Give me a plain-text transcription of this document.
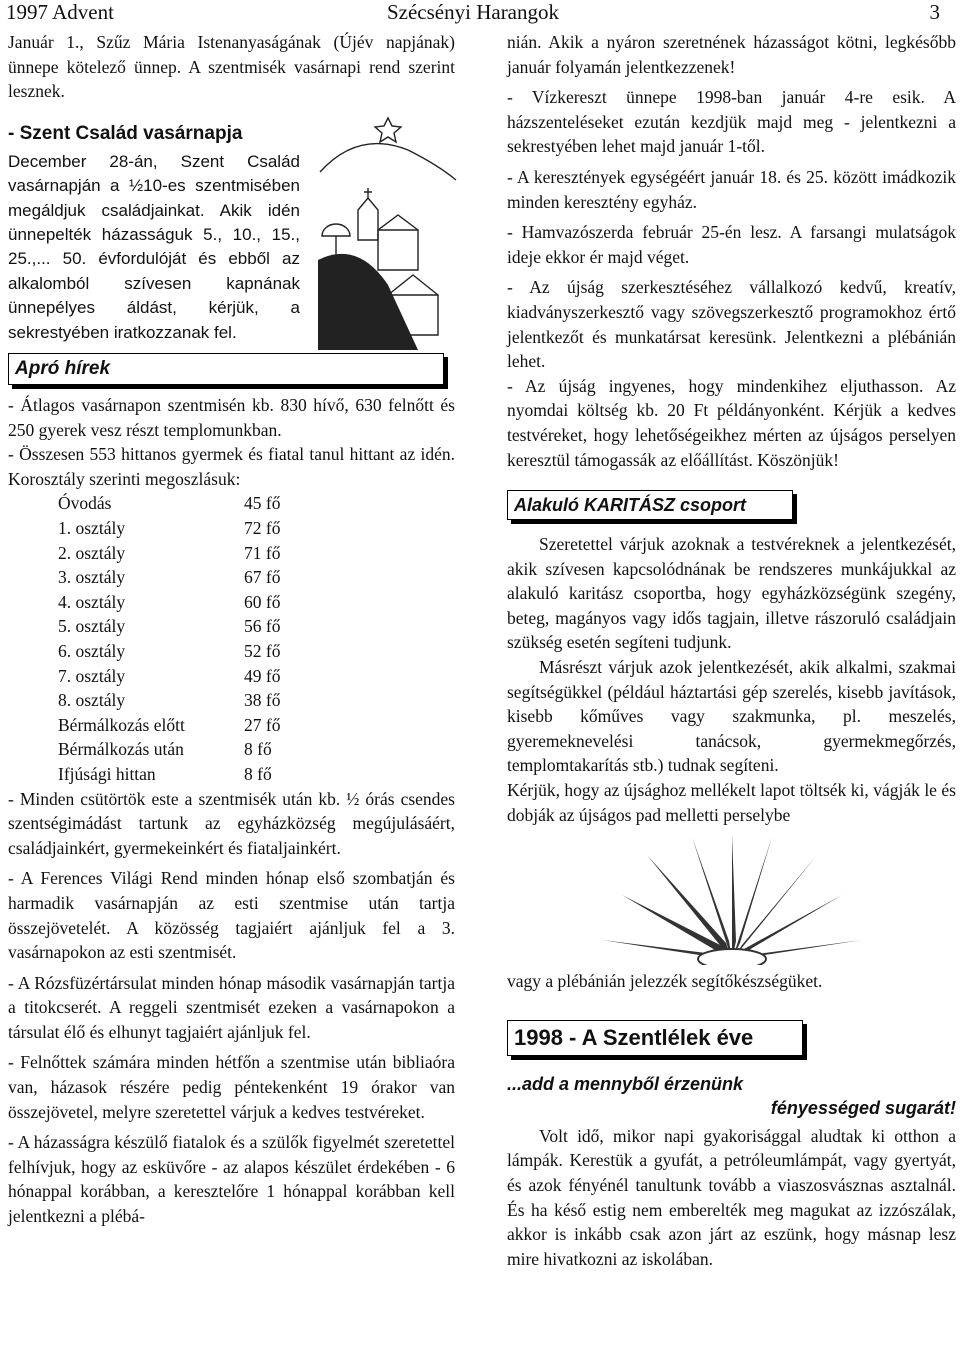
1997 Advent	Szécsényi Harangok	3

Január 1., Szűz Mária Istenanyaságának (Újév napjának) ünnepe kötelező ünnep. A szentmisék vasárnapi rend szerint lesznek.

- Szent Család vasárnapja

December 28-án, Szent Család vasárnapján a ½10-es szentmisében megáldjuk családjainkat. Akik idén ünnepelték házasságuk 5., 10., 15., 25.,... 50. évfordulóját és ebből az alkalomból szívesen kapnának ünnepélyes áldást, kérjük, a sekrestyében iratkozzanak fel.

Apró hírek

- Átlagos vasárnapon szentmisén kb. 830 hívő, 630 felnőtt és 250 gyerek vesz részt templomunkban.

- Összesen 553 hittanos gyermek és fiatal tanul hittant az idén. Korosztály szerinti megoszlásuk:

Óvodás	45 fő
1. osztály	72 fő
2. osztály	71 fő
3. osztály	67 fő
4. osztály	60 fő
5. osztály	56 fő
6. osztály	52 fő
7. osztály	49 fő
8. osztály	38 fő
Bérmálkozás előtt	27 fő
Bérmálkozás után	8 fő
Ifjúsági hittan	8 fő

- Minden csütörtök este a szentmisék után kb. ½ órás csendes szentségimádást tartunk az egyházközség megújulásáért, családjainkért, gyermekeinkért és fiataljainkért.

- A Ferences Világi Rend minden hónap első szombatján és harmadik vasárnapján az esti szentmise után tartja összejövetelét. A közösség tagjaiért ajánljuk fel a 3. vasárnapokon az esti szentmisét.

- A Rózsfüzértársulat minden hónap második vasárnapján tartja a titokcserét. A reggeli szentmisét ezeken a vasárnapokon a társulat élő és elhunyt tagjaiért ajánljuk fel.

- Felnőttek számára minden hétfőn a szentmise után bibliaóra van, házasok részére pedig péntekenként 19 órakor van összejövetel, melyre szeretettel várjuk a kedves testvéreket.

- A házasságra készülő fiatalok és a szülők figyelmét szeretettel felhívjuk, hogy az esküvőre - az alapos készület érdekében - 6 hónappal korábban, a keresztelőre 1 hónappal korábban kell jelentkezni a plébá-

nián. Akik a nyáron szeretnének házasságot kötni, legkésőbb január folyamán jelentkezzenek!

- Vízkereszt ünnepe 1998-ban január 4-re esik. A házszenteléseket ezután kezdjük majd meg - jelentkezni a sekrestyében lehet majd január 1-től.

- A keresztények egységéért január 18. és 25. között imádkozik minden keresztény egyház.

- Hamvazószerda február 25-én lesz. A farsangi mulatságok ideje ekkor ér majd véget.

- Az újság szerkesztéséhez vállalkozó kedvű, kreatív, kiadványszerkesztő vagy szövegszerkesztő programokhoz értő jelentkezőt és munkatársat keresünk. Jelentkezni a plébánián lehet.

- Az újság ingyenes, hogy mindenkihez eljuthasson. Az nyomdai költség kb. 20 Ft példányonként. Kérjük a kedves testvéreket, hogy lehetőségeikhez mérten az újságos perselyen keresztül támogassák az előállítást. Köszönjük!

Alakuló KARITÁSZ csoport

Szeretettel várjuk azoknak a testvéreknek a jelentkezését, akik szívesen kapcsolódnának be rendszeres munkájukkal az alakuló karitász csoportba, hogy egyházközségünk szegény, beteg, magányos vagy idős tagjain, illetve rászoruló családjain szükség esetén segíteni tudjunk.

Másrészt várjuk azok jelentkezését, akik alkalmi, szakmai segítségükkel (például háztartási gép szerelés, kisebb javítások, kisebb kőműves vagy szakmunka, pl. meszelés, gyeremeknevelési tanácsok, gyermekmegőrzés, templomtakarítás stb.) tudnak segíteni.

Kérjük, hogy az újsághoz mellékelt lapot töltsék ki, vágják le és dobják az újságos pad melletti perselybe

vagy a plébánián jelezzék segítőkészségüket.

1998 - A Szentlélek éve
...add a mennyből érzenünk
fényességed sugarát!

Volt idő, mikor napi gyakorisággal aludtak ki otthon a lámpák. Kerestük a gyufát, a petróleumlámpát, vagy gyertyát, és azok fényénél tanultunk tovább a viaszosvásznas asztalnál. És ha késő estig nem emberelték meg magukat az izzószálak, akkor is inkább csak azon járt az eszünk, hogy másnap lesz mire hivatkozni az iskolában.
